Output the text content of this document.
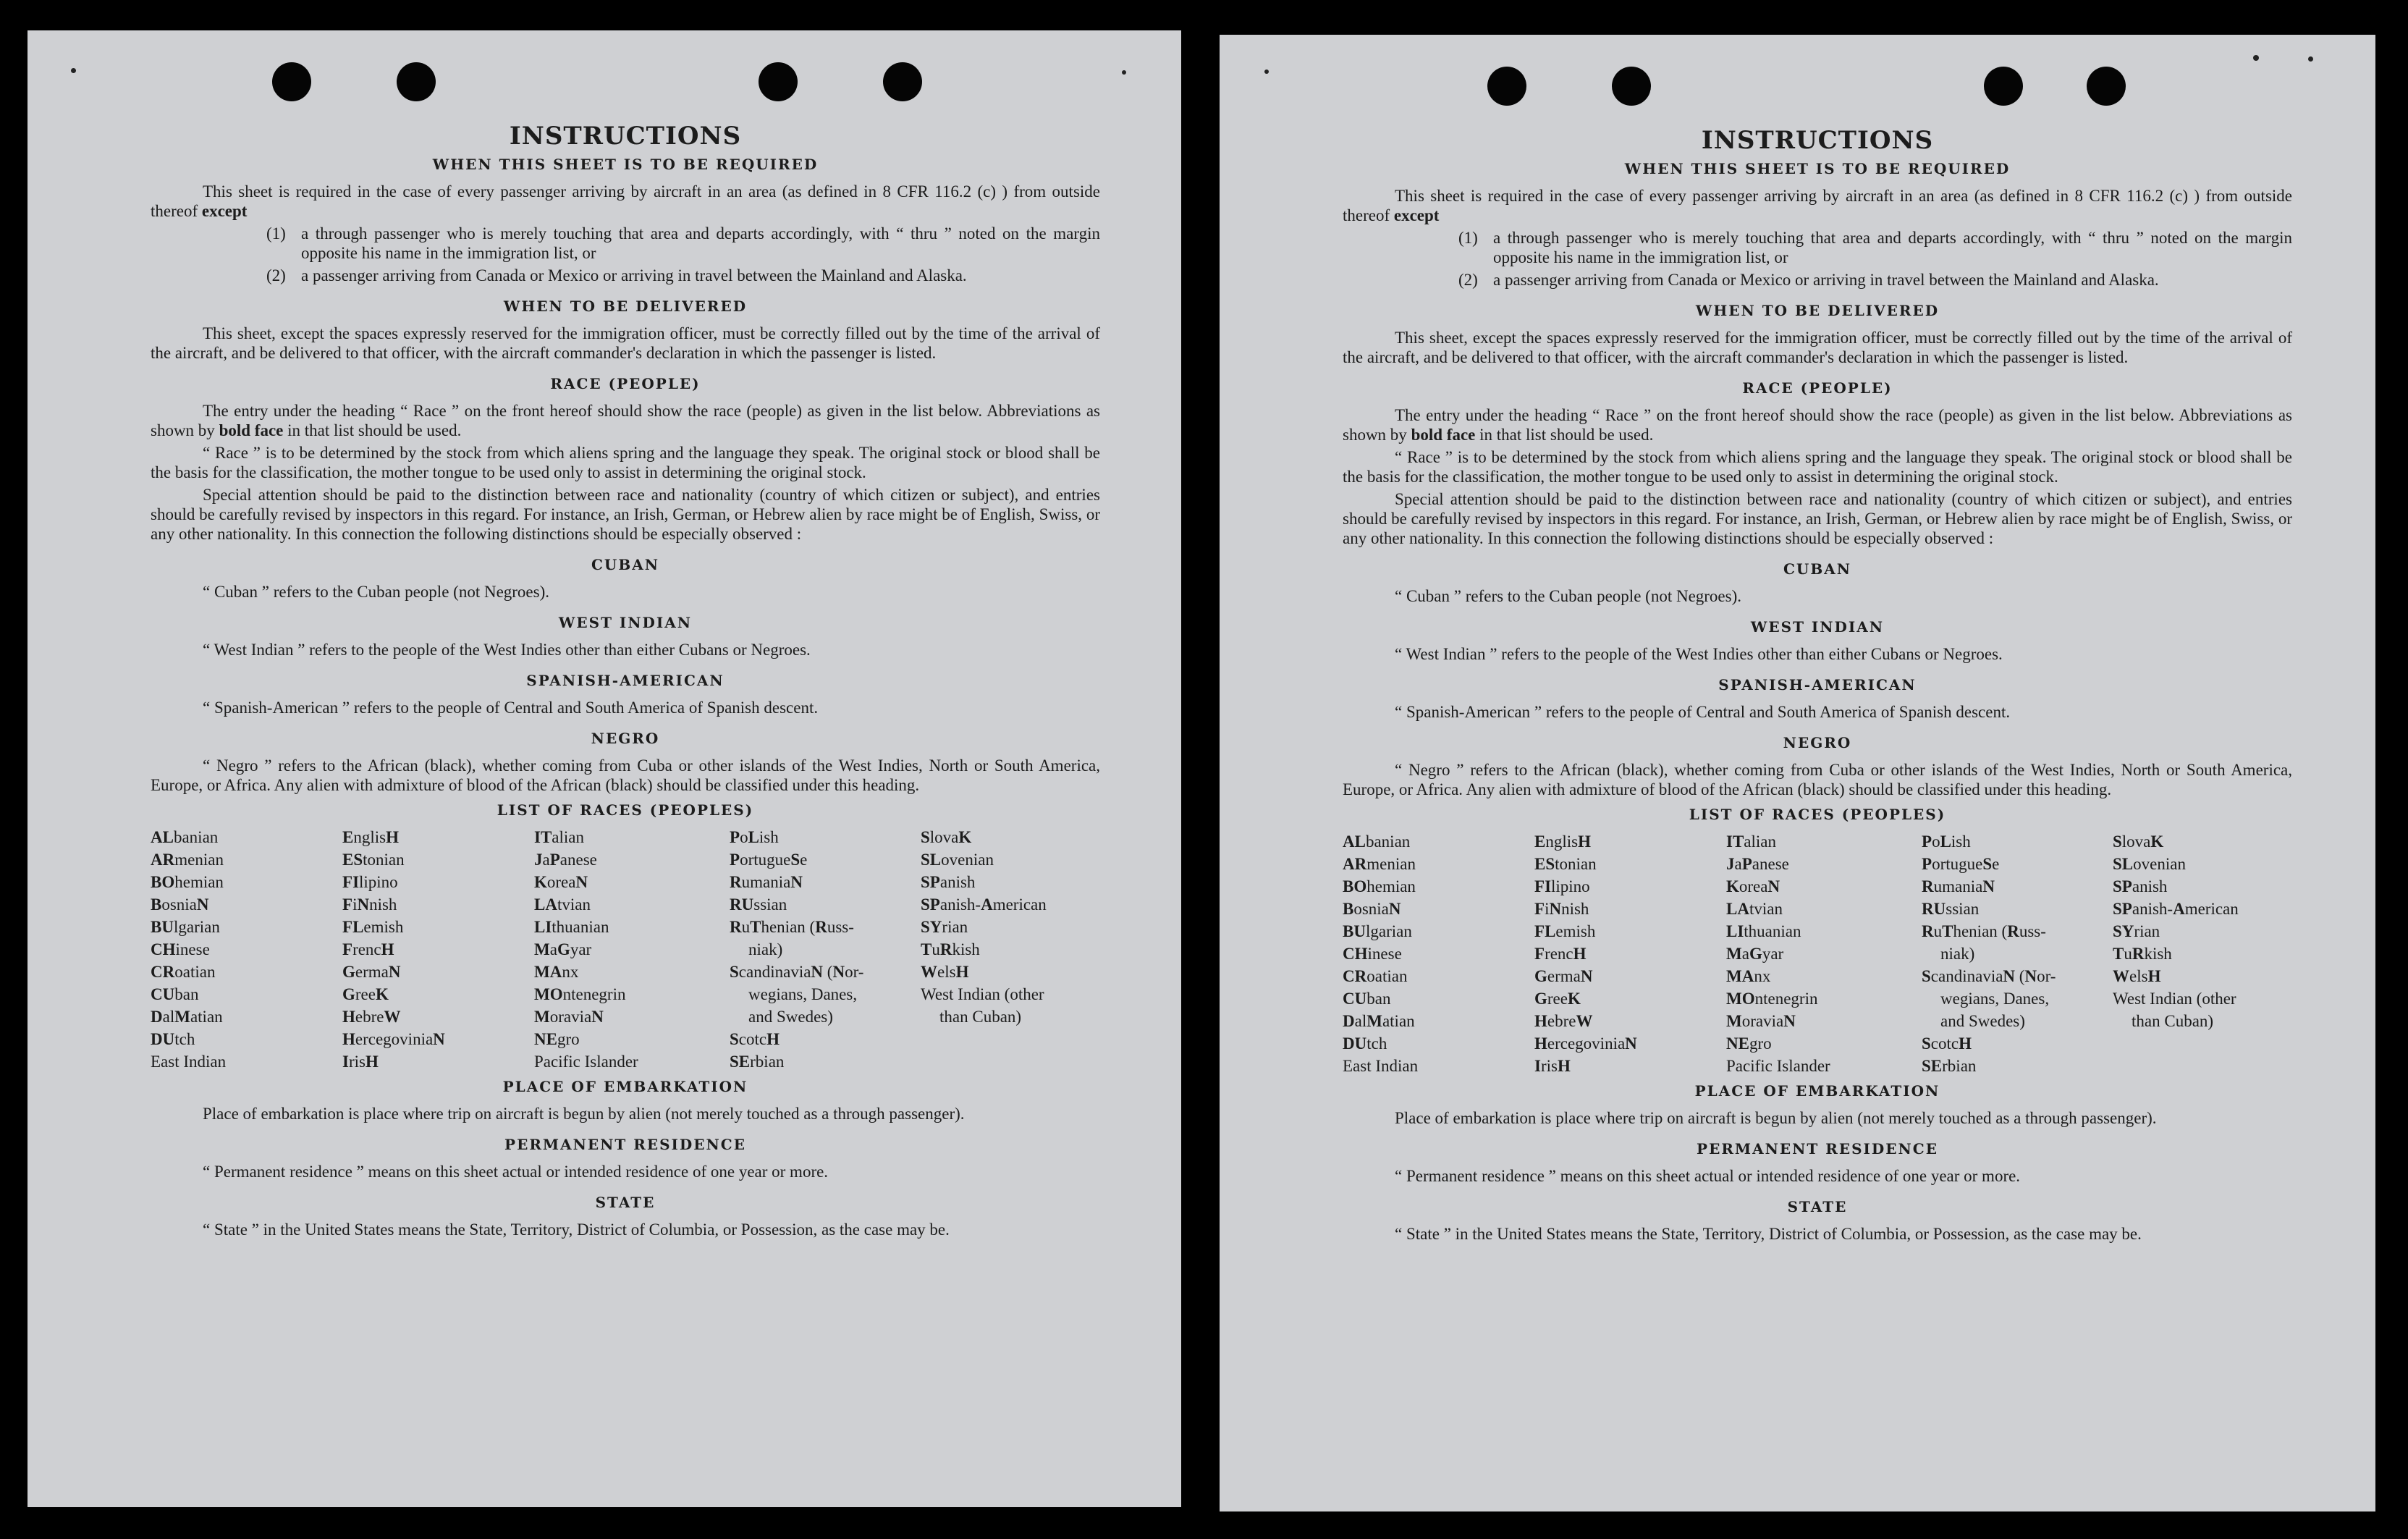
INSTRUCTIONS
WHEN THIS SHEET IS TO BE REQUIRED

This sheet is required in the case of every passenger arriving by aircraft in an area (as defined in 8 CFR 116.2 (c) ) from outside thereof except

(1) a through passenger who is merely touching that area and departs accordingly, with “ thru ” noted on the margin opposite his name in the immigration list, or
(2) a passenger arriving from Canada or Mexico or arriving in travel between the Mainland and Alaska.
WHEN TO BE DELIVERED

This sheet, except the spaces expressly reserved for the immigration officer, must be correctly filled out by the time of the arrival of the aircraft, and be delivered to that officer, with the aircraft commander's declaration in which the passenger is listed.

RACE (PEOPLE)

The entry under the heading “ Race ” on the front hereof should show the race (people) as given in the list below. Abbreviations as shown by bold face in that list should be used.

“ Race ” is to be determined by the stock from which aliens spring and the language they speak. The original stock or blood shall be the basis for the classification, the mother tongue to be used only to assist in determining the original stock.

Special attention should be paid to the distinction between race and nationality (country of which citizen or subject), and entries should be carefully revised by inspectors in this regard. For instance, an Irish, German, or Hebrew alien by race might be of English, Swiss, or any other nationality. In this connection the following distinctions should be especially observed :

CUBAN

“ Cuban ” refers to the Cuban people (not Negroes).

WEST INDIAN

“ West Indian ” refers to the people of the West Indies other than either Cubans or Negroes.

SPANISH-AMERICAN

“ Spanish-American ” refers to the people of Central and South America of Spanish descent.

NEGRO

“ Negro ” refers to the African (black), whether coming from Cuba or other islands of the West Indies, North or South America, Europe, or Africa. Any alien with admixture of blood of the African (black) should be classified under this heading.

LIST OF RACES (PEOPLES)
ALbanian
ARmenian
BOhemian
BosniaN
BUlgarian
CHinese
CRoatian
CUban
DalMatian
DUtch
East Indian
EnglisH
EStonian
FIlipino
FiNnish
FLemish
FrencH
GermaN
GreeK
HebreW
HercegoviniaN
IrisH
ITalian
JaPanese
KoreaN
LAtvian
LIthuanian
MaGyar
MAnx
MOntenegrin
MoraviaN
NEgro
Pacific Islander
PoLish
PortugueSe
RumaniaN
RUssian
RuThenian (Russ-
niak)
ScandinaviaN (Nor-
wegians, Danes,
and Swedes)
ScotcH
SErbian
SlovaK
SLovenian
SPanish
SPanish-American
SYrian
TuRkish
WelsH
West Indian (other
than Cuban)
PLACE OF EMBARKATION

Place of embarkation is place where trip on aircraft is begun by alien (not merely touched as a through passenger).

PERMANENT RESIDENCE

“ Permanent residence ” means on this sheet actual or intended residence of one year or more.

STATE

“ State ” in the United States means the State, Territory, District of Columbia, or Possession, as the case may be.

INSTRUCTIONS
WHEN THIS SHEET IS TO BE REQUIRED

This sheet is required in the case of every passenger arriving by aircraft in an area (as defined in 8 CFR 116.2 (c) ) from outside thereof except

(1) a through passenger who is merely touching that area and departs accordingly, with “ thru ” noted on the margin opposite his name in the immigration list, or
(2) a passenger arriving from Canada or Mexico or arriving in travel between the Mainland and Alaska.
WHEN TO BE DELIVERED

This sheet, except the spaces expressly reserved for the immigration officer, must be correctly filled out by the time of the arrival of the aircraft, and be delivered to that officer, with the aircraft commander's declaration in which the passenger is listed.

RACE (PEOPLE)

The entry under the heading “ Race ” on the front hereof should show the race (people) as given in the list below. Abbreviations as shown by bold face in that list should be used.

“ Race ” is to be determined by the stock from which aliens spring and the language they speak. The original stock or blood shall be the basis for the classification, the mother tongue to be used only to assist in determining the original stock.

Special attention should be paid to the distinction between race and nationality (country of which citizen or subject), and entries should be carefully revised by inspectors in this regard. For instance, an Irish, German, or Hebrew alien by race might be of English, Swiss, or any other nationality. In this connection the following distinctions should be especially observed :

CUBAN

“ Cuban ” refers to the Cuban people (not Negroes).

WEST INDIAN

“ West Indian ” refers to the people of the West Indies other than either Cubans or Negroes.

SPANISH-AMERICAN

“ Spanish-American ” refers to the people of Central and South America of Spanish descent.

NEGRO

“ Negro ” refers to the African (black), whether coming from Cuba or other islands of the West Indies, North or South America, Europe, or Africa. Any alien with admixture of blood of the African (black) should be classified under this heading.

LIST OF RACES (PEOPLES)
ALbanian
ARmenian
BOhemian
BosniaN
BUlgarian
CHinese
CRoatian
CUban
DalMatian
DUtch
East Indian
EnglisH
EStonian
FIlipino
FiNnish
FLemish
FrencH
GermaN
GreeK
HebreW
HercegoviniaN
IrisH
ITalian
JaPanese
KoreaN
LAtvian
LIthuanian
MaGyar
MAnx
MOntenegrin
MoraviaN
NEgro
Pacific Islander
PoLish
PortugueSe
RumaniaN
RUssian
RuThenian (Russ-
niak)
ScandinaviaN (Nor-
wegians, Danes,
and Swedes)
ScotcH
SErbian
SlovaK
SLovenian
SPanish
SPanish-American
SYrian
TuRkish
WelsH
West Indian (other
than Cuban)
PLACE OF EMBARKATION

Place of embarkation is place where trip on aircraft is begun by alien (not merely touched as a through passenger).

PERMANENT RESIDENCE

“ Permanent residence ” means on this sheet actual or intended residence of one year or more.

STATE

“ State ” in the United States means the State, Territory, District of Columbia, or Possession, as the case may be.
